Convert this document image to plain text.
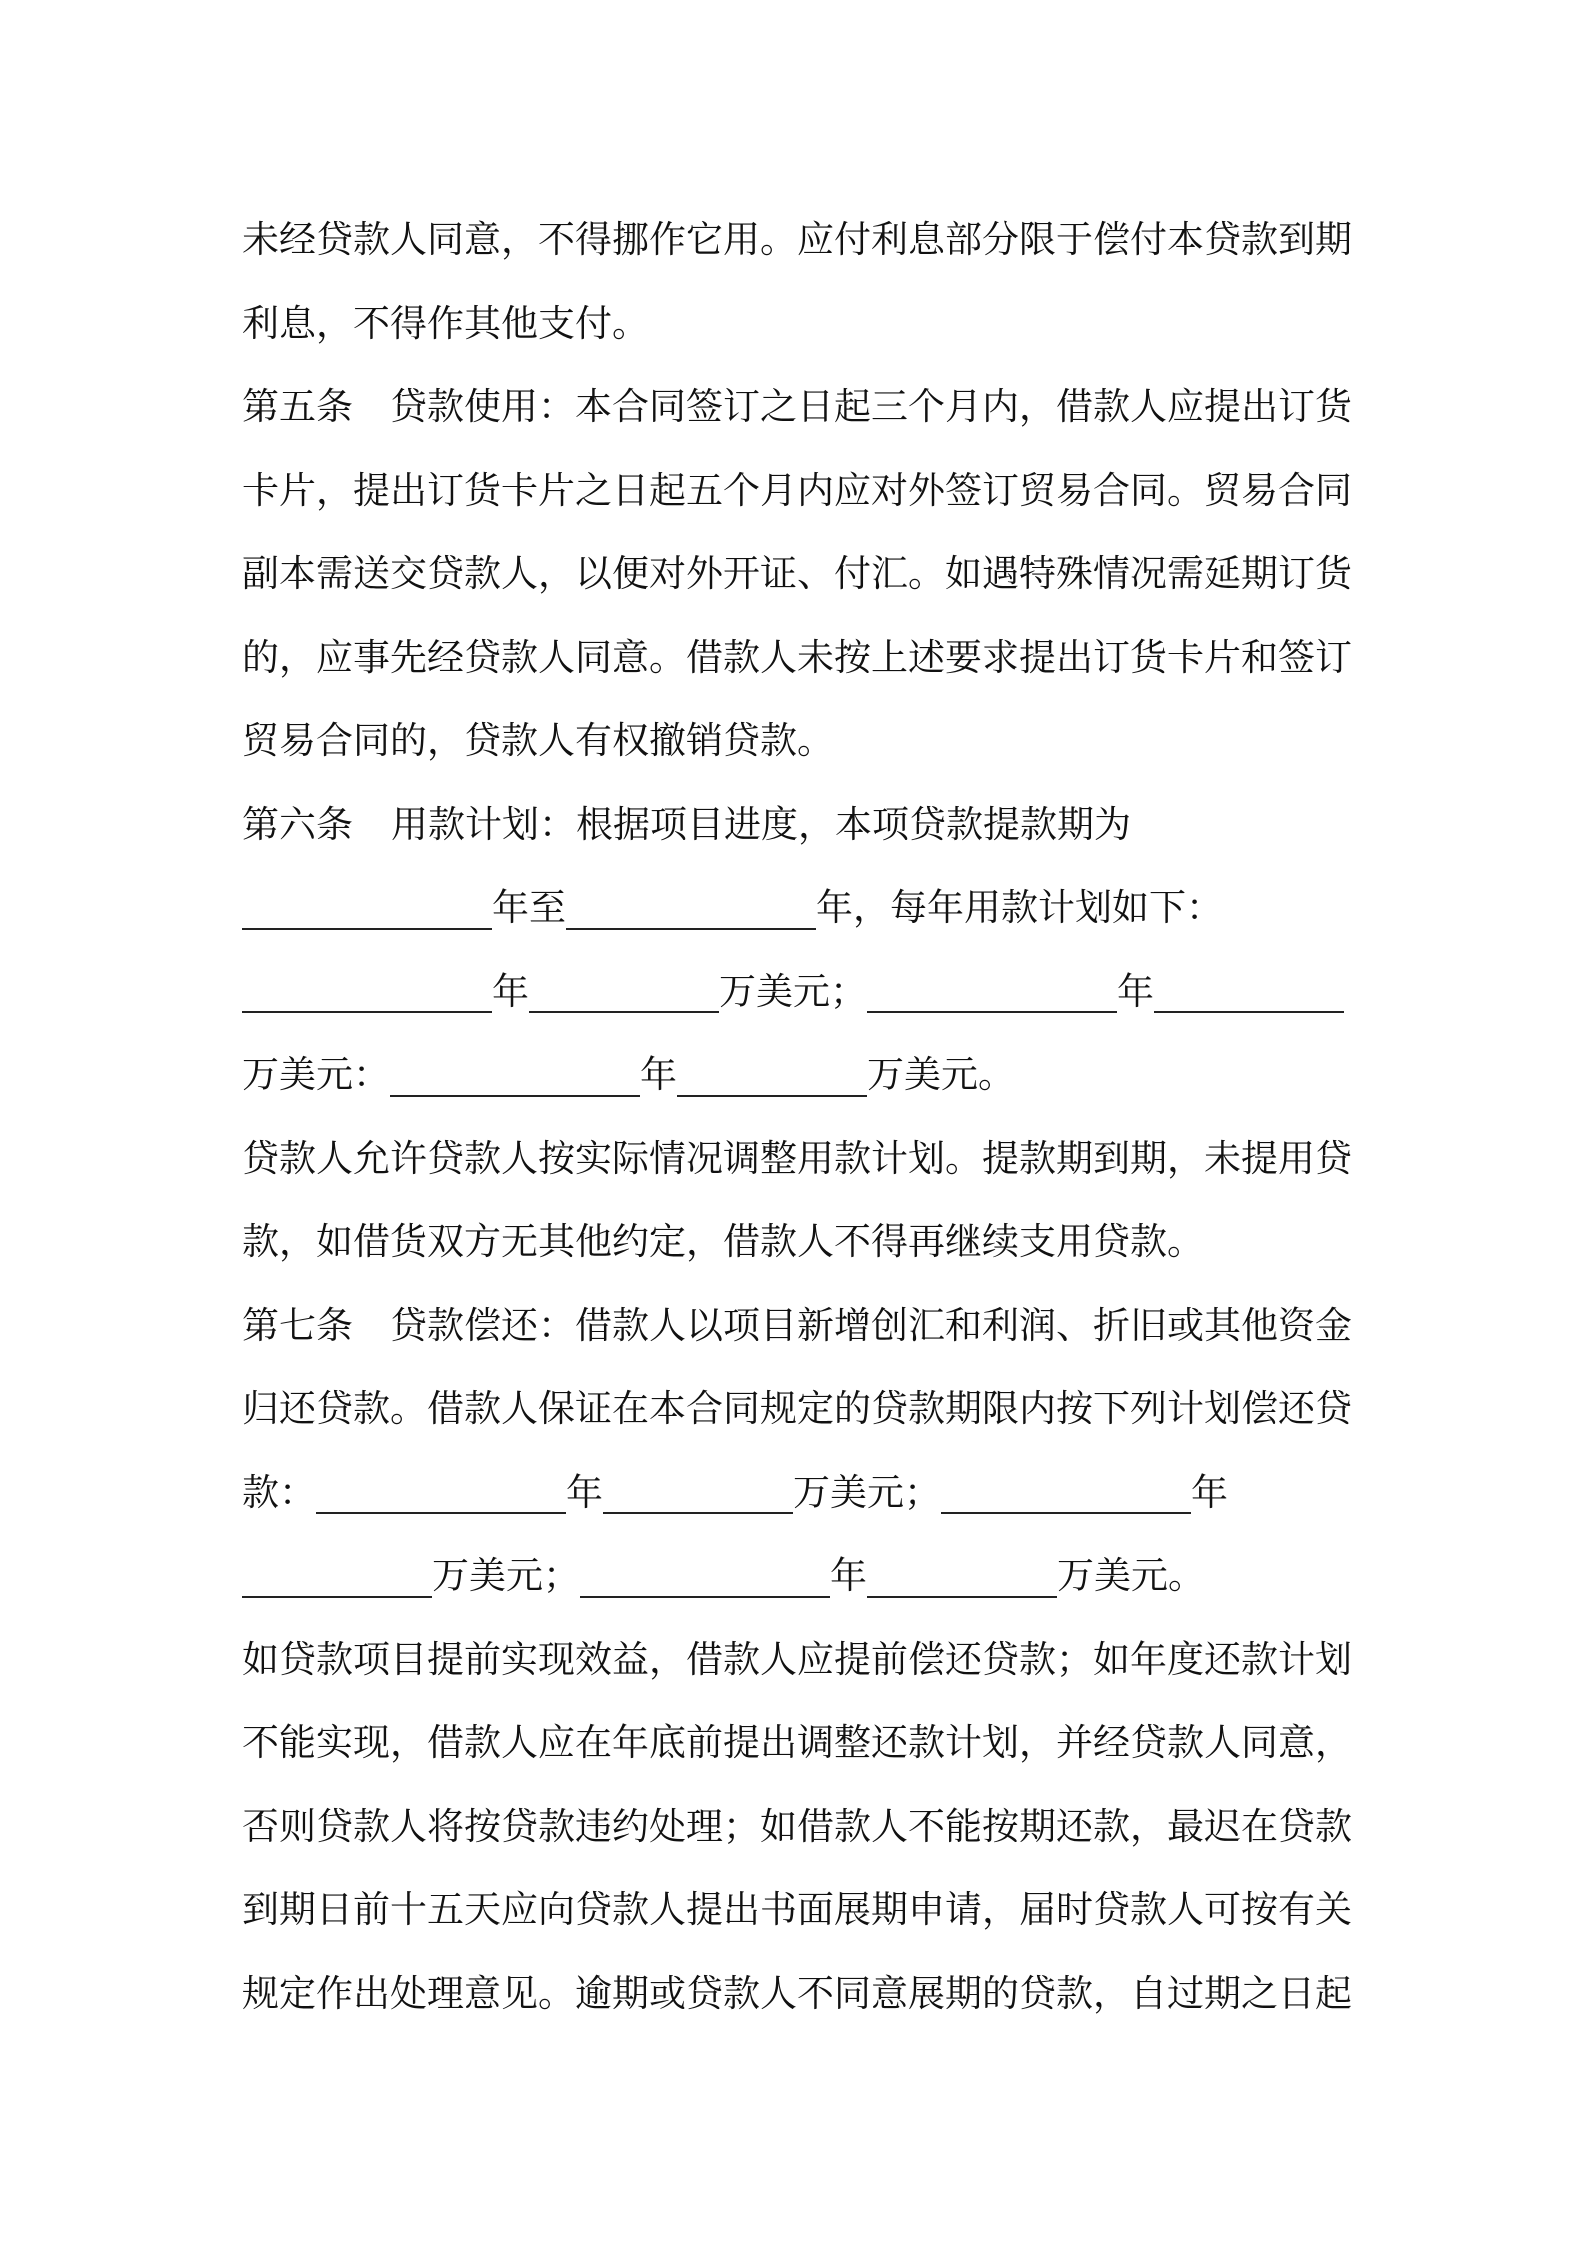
未经贷款人同意，不得挪作它用。应付利息部分限于偿付本贷款到期
利息，不得作其他支付。
第五条 贷款使用：本合同签订之日起三个月内，借款人应提出订货
卡片，提出订货卡片之日起五个月内应对外签订贸易合同。贸易合同
副本需送交贷款人，以便对外开证、付汇。如遇特殊情况需延期订货
的，应事先经贷款人同意。借款人未按上述要求提出订货卡片和签订
贸易合同的，贷款人有权撤销贷款。
第六条 用款计划：根据项目进度，本项贷款提款期为
年至	年，每年用款计划如下：
年	万美元；	年
万美元：	年	万美元。
贷款人允许贷款人按实际情况调整用款计划。提款期到期，未提用贷
款，如借货双方无其他约定，借款人不得再继续支用贷款。
第七条 贷款偿还：借款人以项目新增创汇和利润、折旧或其他资金
归还贷款。借款人保证在本合同规定的贷款期限内按下列计划偿还贷
款：	年	万美元；	年
万美元；	年	万美元。
如贷款项目提前实现效益，借款人应提前偿还贷款；如年度还款计划
不能实现，借款人应在年底前提出调整还款计划，并经贷款人同意，
否则贷款人将按贷款违约处理；如借款人不能按期还款，最迟在贷款
到期日前十五天应向贷款人提出书面展期申请，届时贷款人可按有关
规定作出处理意见。逾期或贷款人不同意展期的贷款，自过期之日起
